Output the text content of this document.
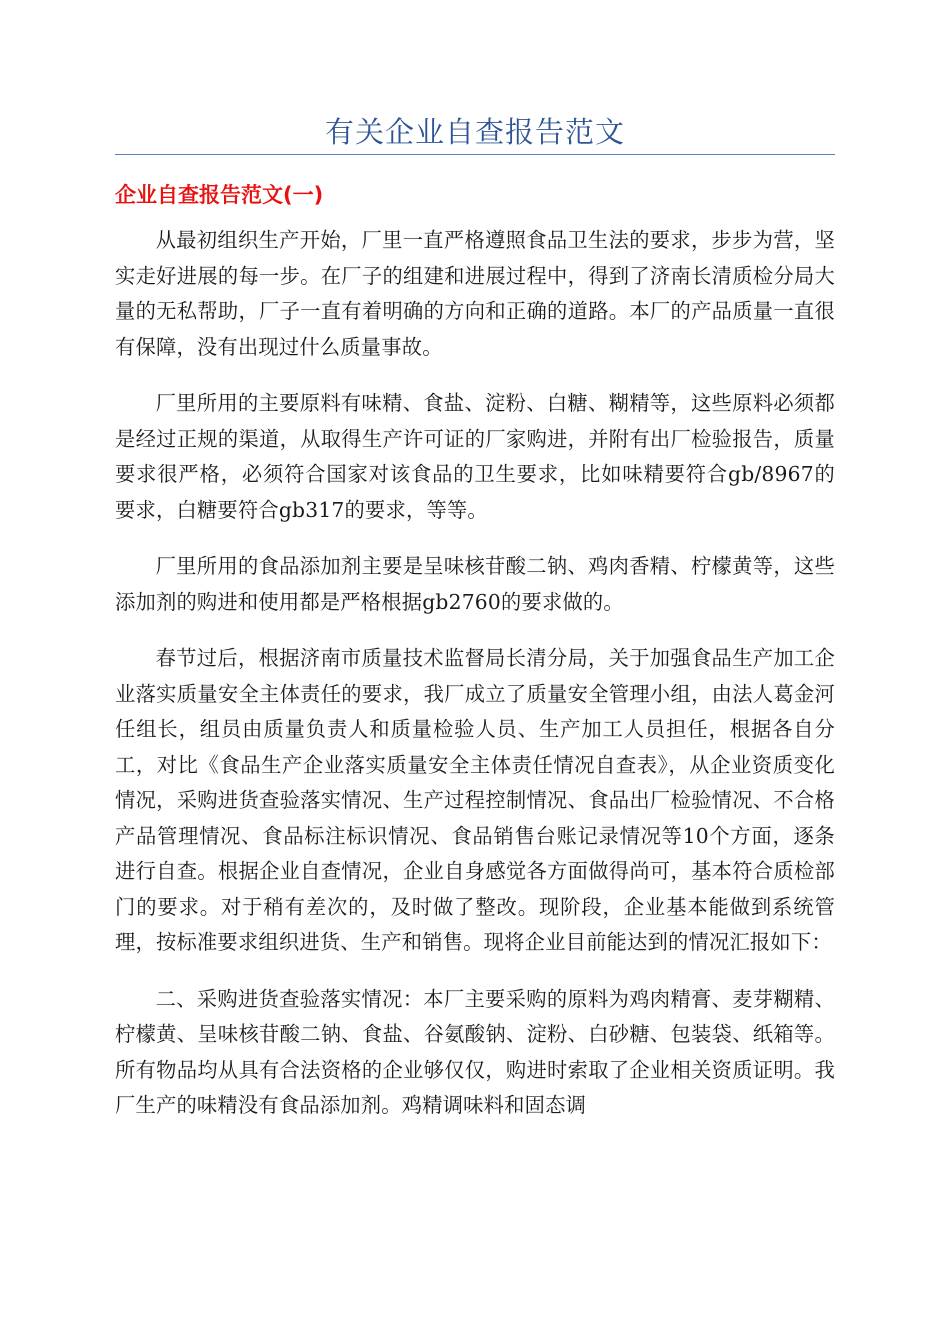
有关企业自查报告范文
企业自查报告范文(一)

从最初组织生产开始，厂里一直严格遵照食品卫生法的要求，步步为营，坚实走好进展的每一步。在厂子的组建和进展过程中，得到了济南长清质检分局大量的无私帮助，厂子一直有着明确的方向和正确的道路。本厂的产品质量一直很有保障，没有出现过什么质量事故。

厂里所用的主要原料有味精、食盐、淀粉、白糖、糊精等，这些原料必须都是经过正规的渠道，从取得生产许可证的厂家购进，并附有出厂检验报告，质量要求很严格，必须符合国家对该食品的卫生要求，比如味精要符合gb/8967的要求，白糖要符合gb317的要求，等等。

厂里所用的食品添加剂主要是呈味核苷酸二钠、鸡肉香精、柠檬黄等，这些添加剂的购进和使用都是严格根据gb2760的要求做的。

春节过后，根据济南市质量技术监督局长清分局，关于加强食品生产加工企业落实质量安全主体责任的要求，我厂成立了质量安全管理小组，由法人葛金河任组长，组员由质量负责人和质量检验人员、生产加工人员担任，根据各自分工，对比《食品生产企业落实质量安全主体责任情况自查表》，从企业资质变化情况，采购进货查验落实情况、生产过程控制情况、食品出厂检验情况、不合格产品管理情况、食品标注标识情况、食品销售台账记录情况等10个方面，逐条进行自查。根据企业自查情况，企业自身感觉各方面做得尚可，基本符合质检部门的要求。对于稍有差次的，及时做了整改。现阶段，企业基本能做到系统管理，按标准要求组织进货、生产和销售。现将企业目前能达到的情况汇报如下：

二、采购进货查验落实情况：本厂主要采购的原料为鸡肉精膏、麦芽糊精、柠檬黄、呈味核苷酸二钠、食盐、谷氨酸钠、淀粉、白砂糖、包装袋、纸箱等。所有物品均从具有合法资格的企业够仅仅，购进时索取了企业相关资质证明。我厂生产的味精没有食品添加剂。鸡精调味料和固态调
